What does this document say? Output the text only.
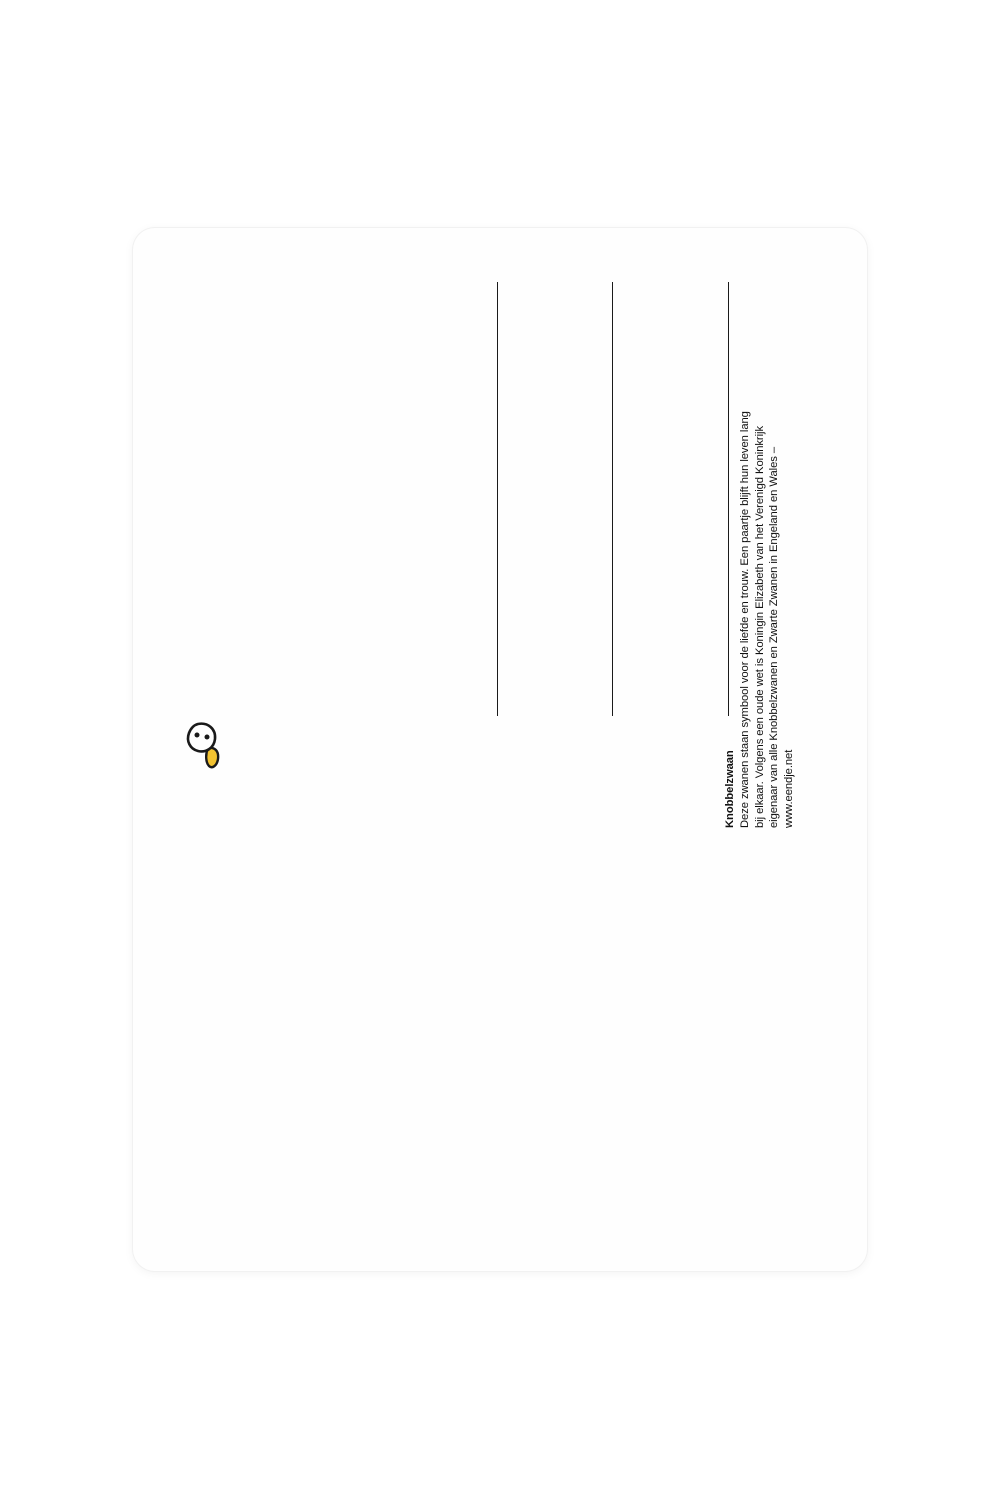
Knobbelzwaan Deze zwanen staan symbool voor de liefde en trouw. Een paartje blijft hun leven lang bij elkaar. Volgens een oude wet is Koningin Elizabeth van het Verenigd Koninkrijk eigenaar van alle Knobbelzwanen en Zwarte Zwanen in Engeland en Wales – www.eendje.net
